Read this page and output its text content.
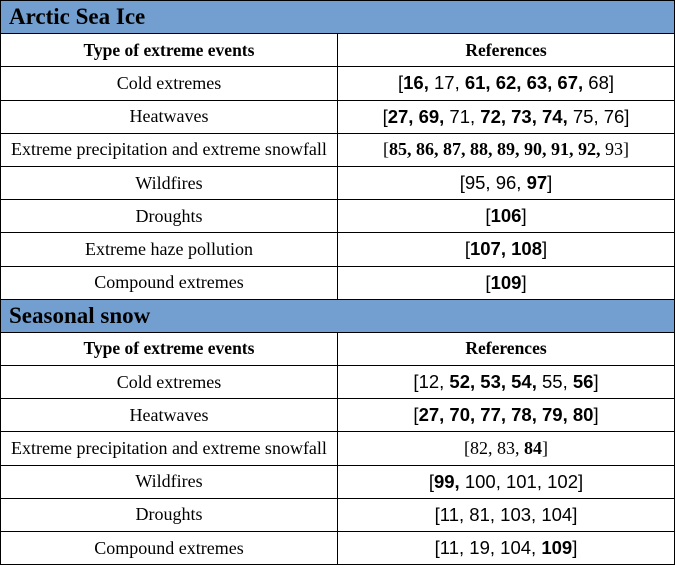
Arctic Sea Ice	
Type of extreme events	References
Cold extremes	[16, 17, 61, 62, 63, 67, 68]
Heatwaves	[27, 69, 71, 72, 73, 74, 75, 76]
Extreme precipitation and extreme snowfall	[85, 86, 87, 88, 89, 90, 91, 92, 93]
Wildfires	[95, 96, 97]
Droughts	[106]
Extreme haze pollution	[107, 108]
Compound extremes	[109]
Seasonal snow	
Type of extreme events	References
Cold extremes	[12, 52, 53, 54, 55, 56]
Heatwaves	[27, 70, 77, 78, 79, 80]
Extreme precipitation and extreme snowfall	[82, 83, 84]
Wildfires	[99, 100, 101, 102]
Droughts	[11, 81, 103, 104]
Compound extremes	[11, 19, 104, 109]
